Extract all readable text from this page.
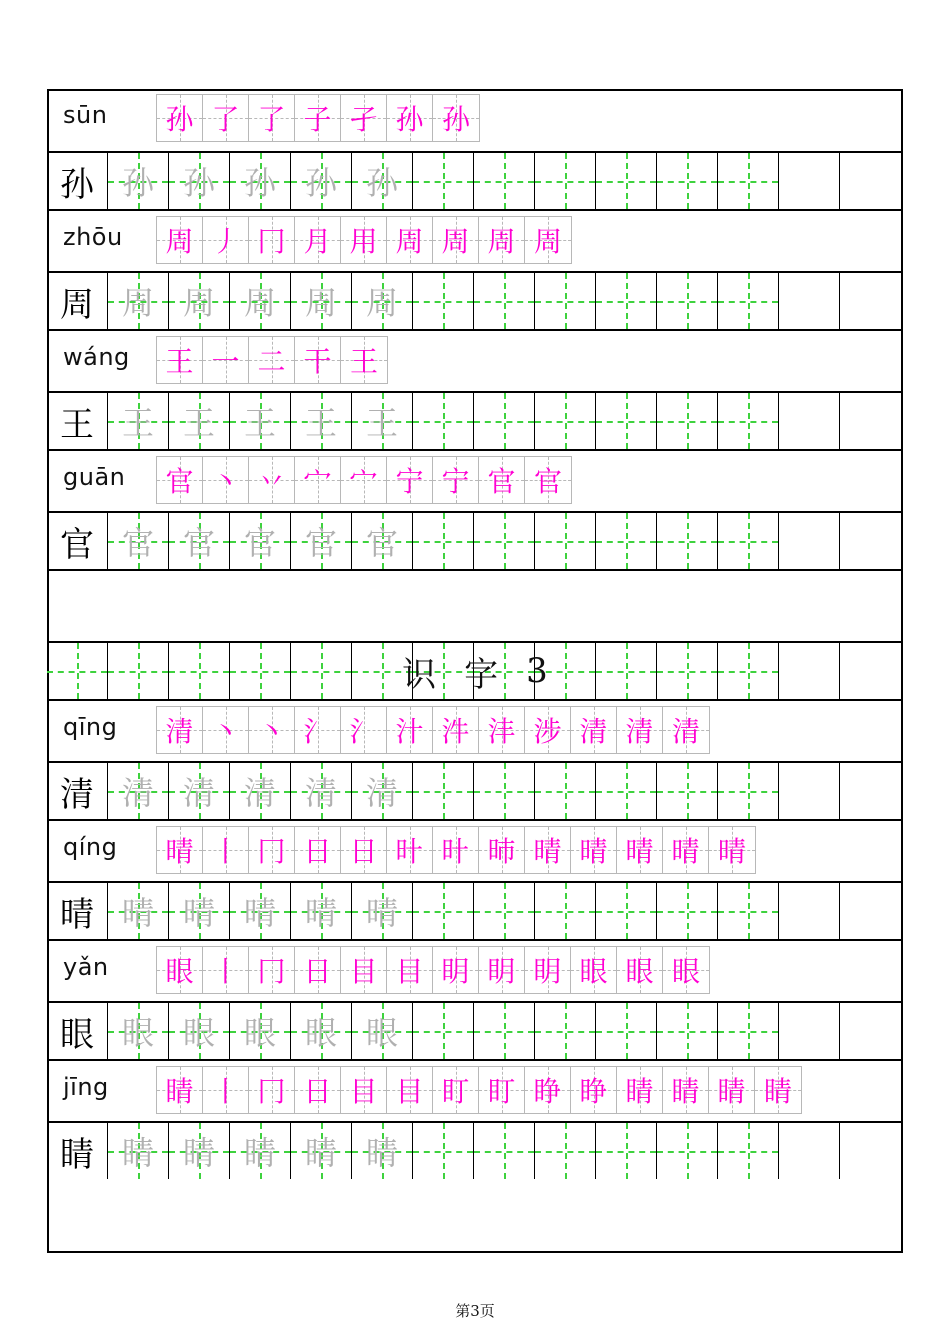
sūn 孙 了 了 子 孑 孙 孙
孙 孙 孙 孙 孙 孙
zhōu 周 丿 冂 月 用 周 周 周 周
周 周 周 周 周 周
wáng 王 一 二 干 王
王 王 王 王 王 王
guān 官 丶 丷 宀 宀 宁 宁 官 官
官 官 官 官 官 官
识 字 3
qīng 清 丶 丶 氵 氵 汁 汼 沣 涉 清 清 清
清 清 清 清 清 清
qíng 晴 丨 冂 日 日 旪 旪 昁 晴 晴 晴 晴 晴
晴 晴 晴 晴 晴 晴
yǎn 眼 丨 冂 日 目 目 眀 眀 眀 眼 眼 眼
眼 眼 眼 眼 眼 眼
jīng 睛 丨 冂 日 目 目 盯 盯 睁 睁 睛 睛 睛 睛
睛 睛 睛 睛 睛 睛
第3页
